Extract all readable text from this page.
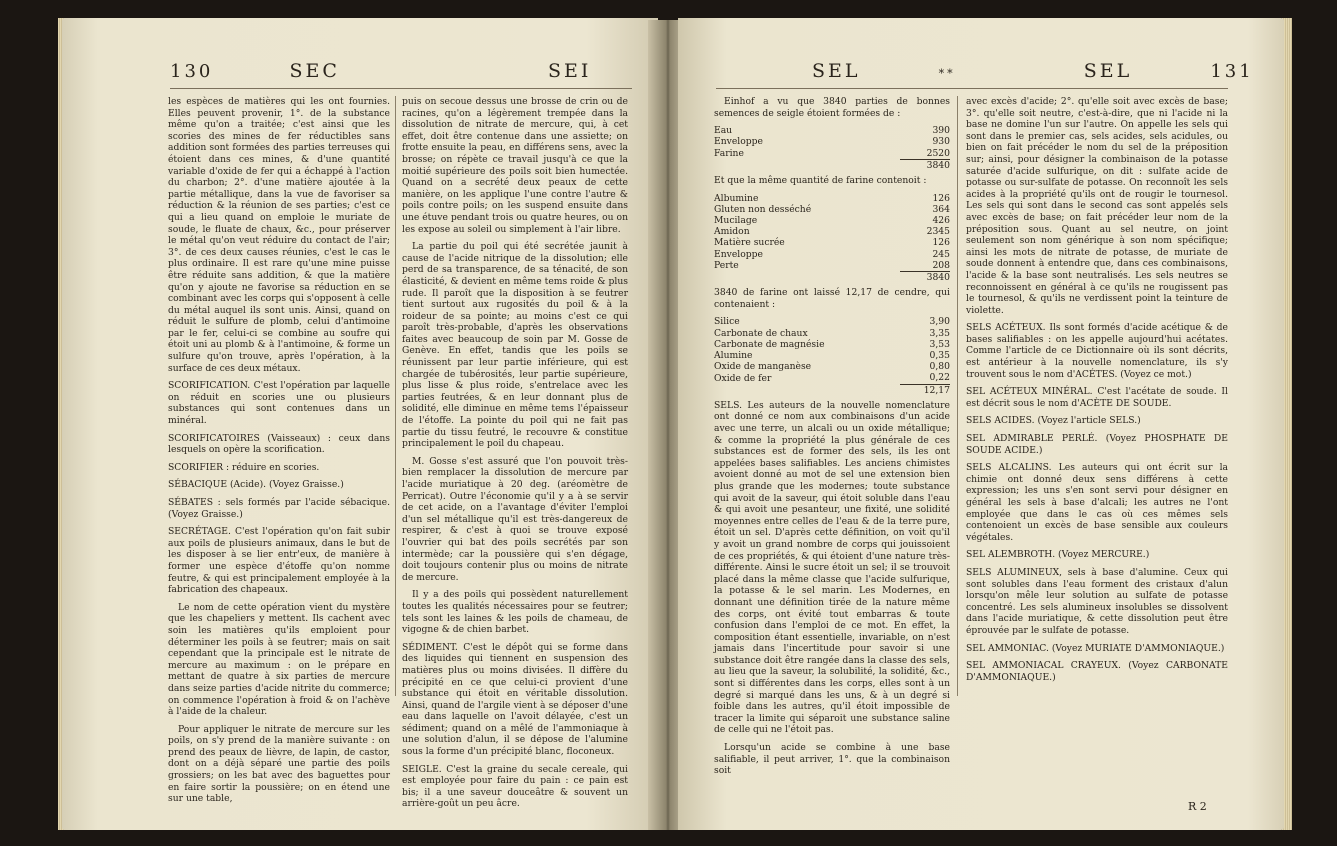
130	SEC	SEI

les espèces de matières qui les ont fournies. Elles peuvent provenir, 1°. de la substance même qu'on a traitée; c'est ainsi que les scories des mines de fer réductibles sans addition sont formées des parties terreuses qui étoient dans ces mines, & d'une quantité variable d'oxide de fer qui a échappé à l'action du charbon; 2°. d'une matière ajoutée à la partie métallique, dans la vue de favoriser sa réduction & la réunion de ses parties; c'est ce qui a lieu quand on emploie le muriate de soude, le fluate de chaux, &c., pour préserver le métal qu'on veut réduire du contact de l'air; 3°. de ces deux causes réunies, c'est le cas le plus ordinaire. Il est rare qu'une mine puisse être réduite sans addition, & que la matière qu'on y ajoute ne favorise sa réduction en se combinant avec les corps qui s'opposent à celle du métal auquel ils sont unis. Ainsi, quand on réduit le sulfure de plomb, celui d'antimoine par le fer, celui-ci se combine au soufre qui étoit uni au plomb & à l'antimoine, & forme un sulfure qu'on trouve, après l'opération, à la surface de ces deux métaux.

SCORIFICATION. C'est l'opération par laquelle on réduit en scories une ou plusieurs substances qui sont contenues dans un minéral.

SCORIFICATOIRES (Vaisseaux) : ceux dans lesquels on opère la scorification.

SCORIFIER : réduire en scories.

SÉBACIQUE (Acide). (Voyez Graisse.)

SÉBATES : sels formés par l'acide sébacique. (Voyez Graisse.)

SECRÉTAGE. C'est l'opération qu'on fait subir aux poils de plusieurs animaux, dans le but de les disposer à se lier entr'eux, de manière à former une espèce d'étoffe qu'on nomme feutre, & qui est principalement employée à la fabrication des chapeaux.

Le nom de cette opération vient du mystère que les chapeliers y mettent. Ils cachent avec soin les matières qu'ils emploient pour déterminer les poils à se feutrer; mais on sait cependant que la principale est le nitrate de mercure au maximum : on le prépare en mettant de quatre à six parties de mercure dans seize parties d'acide nitrite du commerce; on commence l'opération à froid & on l'achève à l'aide de la chaleur.

Pour appliquer le nitrate de mercure sur les poils, on s'y prend de la manière suivante : on prend des peaux de lièvre, de lapin, de castor, dont on a déjà séparé une partie des poils grossiers; on les bat avec des baguettes pour en faire sortir la poussière; on en étend une sur une table,

puis on secoue dessus une brosse de crin ou de racines, qu'on a légèrement trempée dans la dissolution de nitrate de mercure, qui, à cet effet, doit être contenue dans une assiette; on frotte ensuite la peau, en différens sens, avec la brosse; on répète ce travail jusqu'à ce que la moitié supérieure des poils soit bien humectée. Quand on a secrété deux peaux de cette manière, on les applique l'une contre l'autre & poils contre poils; on les suspend ensuite dans une étuve pendant trois ou quatre heures, ou on les expose au soleil ou simplement à l'air libre.

La partie du poil qui été secrétée jaunit à cause de l'acide nitrique de la dissolution; elle perd de sa transparence, de sa ténacité, de son élasticité, & devient en même tems roide & plus rude. Il paroît que la disposition à se feutrer tient surtout aux rugosités du poil & à la roideur de sa pointe; au moins c'est ce qui paroît très-probable, d'après les observations faites avec beaucoup de soin par M. Gosse de Genève. En effet, tandis que les poils se réunissent par leur partie inférieure, qui est chargée de tubérosités, leur partie supérieure, plus lisse & plus roide, s'entrelace avec les parties feutrées, & en leur donnant plus de solidité, elle diminue en même tems l'épaisseur de l'étoffe. La pointe du poil qui ne fait pas partie du tissu feutré, le recouvre & constitue principalement le poil du chapeau.

M. Gosse s'est assuré que l'on pouvoit très-bien remplacer la dissolution de mercure par l'acide muriatique à 20 deg. (aréomètre de Perricat). Outre l'économie qu'il y a à se servir de cet acide, on a l'avantage d'éviter l'emploi d'un sel métallique qu'il est très-dangereux de respirer, & c'est à quoi se trouve exposé l'ouvrier qui bat des poils secrétés par son intermède; car la poussière qui s'en dégage, doit toujours contenir plus ou moins de nitrate de mercure.

Il y a des poils qui possèdent naturellement toutes les qualités nécessaires pour se feutrer; tels sont les laines & les poils de chameau, de vigogne & de chien barbet.

SÉDIMENT. C'est le dépôt qui se forme dans des liquides qui tiennent en suspension des matières plus ou moins divisées. Il diffère du précipité en ce que celui-ci provient d'une substance qui étoit en véritable dissolution. Ainsi, quand de l'argile vient à se déposer d'une eau dans laquelle on l'avoit délayée, c'est un sédiment; quand on a mêlé de l'ammoniaque à une solution d'alun, il se dépose de l'alumine sous la forme d'un précipité blanc, floconeux.

SEIGLE. C'est la graine du secale cereale, qui est employée pour faire du pain : ce pain est bis; il a une saveur douceâtre & souvent un arrière-goût un peu âcre.

SEL	**	SEL	131

Einhof a vu que 3840 parties de bonnes semences de seigle étoient formées de :

Eau	390
Enveloppe	930
Farine	2520
	3840

Et que la même quantité de farine contenoit :

Albumine	126
Gluten non desséché	364
Mucilage	426
Amidon	2345
Matière sucrée	126
Enveloppe	245
Perte	208
	3840

3840 de farine ont laissé 12,17 de cendre, qui contenaient :

Silice	3,90
Carbonate de chaux	3,35
Carbonate de magnésie	3,53
Alumine	0,35
Oxide de manganèse	0,80
Oxide de fer	0,22
	12,17

SELS. Les auteurs de la nouvelle nomenclature ont donné ce nom aux combinaisons d'un acide avec une terre, un alcali ou un oxide métallique; & comme la propriété la plus générale de ces substances est de former des sels, ils les ont appelées bases salifiables. Les anciens chimistes avoient donné au mot de sel une extension bien plus grande que les modernes; toute substance qui avoit de la saveur, qui étoit soluble dans l'eau & qui avoit une pesanteur, une fixité, une solidité moyennes entre celles de l'eau & de la terre pure, étoit un sel. D'après cette définition, on voit qu'il y avoit un grand nombre de corps qui jouissoient de ces propriétés, & qui étoient d'une nature très-différente. Ainsi le sucre étoit un sel; il se trouvoit placé dans la même classe que l'acide sulfurique, la potasse & le sel marin. Les Modernes, en donnant une définition tirée de la nature même des corps, ont évité tout embarras & toute confusion dans l'emploi de ce mot. En effet, la composition étant essentielle, invariable, on n'est jamais dans l'incertitude pour savoir si une substance doit être rangée dans la classe des sels, au lieu que la saveur, la solubilité, la solidité, &c., sont si différentes dans les corps, elles sont à un degré si marqué dans les uns, & à un degré si foible dans les autres, qu'il étoit impossible de tracer la limite qui séparoit une substance saline de celle qui ne l'étoit pas.

Lorsqu'un acide se combine à une base salifiable, il peut arriver, 1°. que la combinaison soit

avec excès d'acide; 2°. qu'elle soit avec excès de base; 3°. qu'elle soit neutre, c'est-à-dire, que ni l'acide ni la base ne domine l'un sur l'autre. On appelle les sels qui sont dans le premier cas, sels acides, sels acidules, ou bien on fait précéder le nom du sel de la préposition sur; ainsi, pour désigner la combinaison de la potasse saturée d'acide sulfurique, on dit : sulfate acide de potasse ou sur-sulfate de potasse. On reconnoît les sels acides à la propriété qu'ils ont de rougir le tournesol. Les sels qui sont dans le second cas sont appelés sels avec excès de base; on fait précéder leur nom de la préposition sous. Quant au sel neutre, on joint seulement son nom générique à son nom spécifique; ainsi les mots de nitrate de potasse, de muriate de soude donnent à entendre que, dans ces combinaisons, l'acide & la base sont neutralisés. Les sels neutres se reconnoissent en général à ce qu'ils ne rougissent pas le tournesol, & qu'ils ne verdissent point la teinture de violette.

SELS ACÉTEUX. Ils sont formés d'acide acétique & de bases salifiables : on les appelle aujourd'hui acétates. Comme l'article de ce Dictionnaire où ils sont décrits, est antérieur à la nouvelle nomenclature, ils s'y trouvent sous le nom d'ACÉTES. (Voyez ce mot.)

SEL ACÉTEUX MINÉRAL. C'est l'acétate de soude. Il est décrit sous le nom d'ACÈTE DE SOUDE.

SELS ACIDES. (Voyez l'article SELS.)

SEL ADMIRABLE PERLÉ. (Voyez PHOSPHATE DE SOUDE ACIDE.)

SELS ALCALINS. Les auteurs qui ont écrit sur la chimie ont donné deux sens différens à cette expression; les uns s'en sont servi pour désigner en général les sels à base d'alcali; les autres ne l'ont employée que dans le cas où ces mêmes sels contenoient un excès de base sensible aux couleurs végétales.

SEL ALEMBROTH. (Voyez MERCURE.)

SELS ALUMINEUX, sels à base d'alumine. Ceux qui sont solubles dans l'eau forment des cristaux d'alun lorsqu'on mêle leur solution au sulfate de potasse concentré. Les sels alumineux insolubles se dissolvent dans l'acide muriatique, & cette dissolution peut être éprouvée par le sulfate de potasse.

SEL AMMONIAC. (Voyez MURIATE D'AMMONIAQUE.)

SEL AMMONIACAL CRAYEUX. (Voyez CARBONATE D'AMMONIAQUE.)

R 2
